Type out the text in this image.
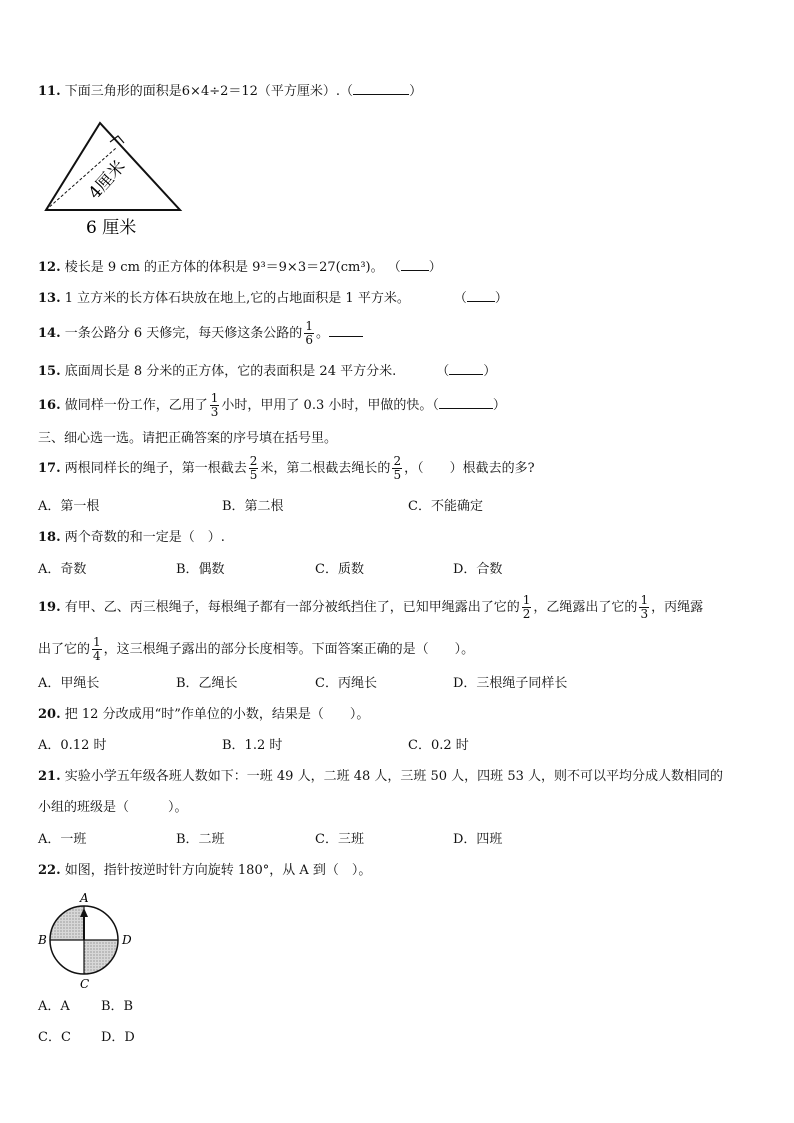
11. 下面三角形的面积是6×4÷2＝12（平方厘米）.（	）
4厘米
6 厘米
12. 棱长是 9 cm 的正方体的体积是 9³＝9×3＝27(cm³)。 （ ）
13. 1 立方米的长方体石块放在地上,它的占地面积是 1 平方米。	（ ）
14. 一条公路分 6 天修完，每天修这条公路的 $\frac{1}{6}$ 。
15. 底面周长是 8 分米的正方体，它的表面积是 24 平方分米.	（	）
16. 做同样一份工作，乙用了 $\frac{1}{3}$ 小时，甲用了 0.3 小时，甲做的快。（	）
三、细心选一选。请把正确答案的序号填在括号里。
17. 两根同样长的绳子，第一根截去 $\frac{2}{5}$ 米，第二根截去绳长的 $\frac{2}{5}$ ，（　　）根截去的多?
A．第一根	B．第二根	C．不能确定
18. 两个奇数的和一定是（　）.
A．奇数	B．偶数	C．质数	D．合数
19. 有甲、乙、丙三根绳子，每根绳子都有一部分被纸挡住了，已知甲绳露出了它的 $\frac{1}{2}$ ，乙绳露出了它的 $\frac{1}{3}$ ，丙绳露
出了它的 $\frac{1}{4}$ ，这三根绳子露出的部分长度相等。下面答案正确的是（　　）。
A．甲绳长	B．乙绳长	C．丙绳长	D．三根绳子同样长
20. 把 12 分改成用“时”作单位的小数，结果是（　　）。
A．0.12 时	B．1.2 时	C．0.2 时
21. 实验小学五年级各班人数如下：一班 49 人，二班 48 人，三班 50 人，四班 53 人，则不可以平均分成人数相同的
小组的班级是（　　　）。
A．一班	B．二班	C．三班	D．四班
22. 如图，指针按逆时针方向旋转 180°，从 A 到（　）。
A
B	D
C
A．A B．B
C．C D．D
